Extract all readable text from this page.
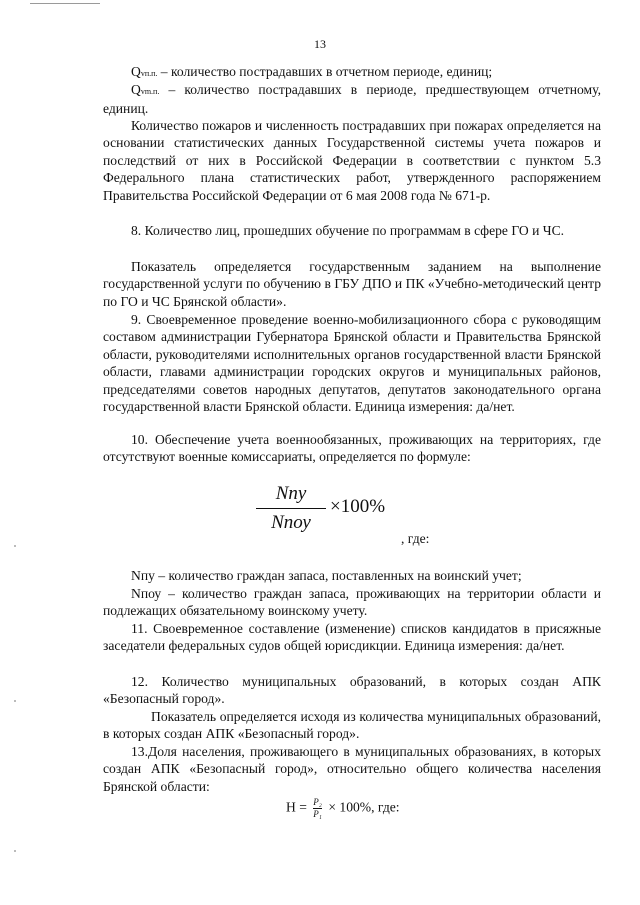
13

Qvп.п. – количество пострадавших в отчетном периоде, единиц;

Qvm.п. – количество пострадавших в периоде, предшествующем отчетному, единиц.

Количество пожаров и численность пострадавших при пожарах определяется на основании статистических данных Государственной системы учета пожаров и последствий от них в Российской Федерации в соответствии с пунктом 5.3 Федерального плана статистических работ, утвержденного распоряжением Правительства Российской Федерации от 6 мая 2008 года № 671-р.

8. Количество лиц, прошедших обучение по программам в сфере ГО и ЧС.

Показатель определяется государственным заданием на выполнение государственной услуги по обучению в ГБУ ДПО и ПК «Учебно-методический центр по ГО и ЧС Брянской области».

9. Своевременное проведение военно-мобилизационного сбора с руководящим составом администрации Губернатора Брянской области и Правительства Брянской области, руководителями исполнительных органов государственной власти Брянской области, главами администрации городских округов и муниципальных районов, председателями советов народных депутатов, депутатов законодательного органа государственной власти Брянской области. Единица измерения: да/нет.

10. Обеспечение учета военнообязанных, проживающих на территориях, где отсутствуют военные комиссариаты, определяется по формуле:

Nпу
Nпоу
×100%
, где:

Nпу – количество граждан запаса, поставленных на воинский учет;

Nпоу – количество граждан запаса, проживающих на территории области и подлежащих обязательному воинскому учету.

11. Своевременное составление (изменение) списков кандидатов в присяжные заседатели федеральных судов общей юрисдикции. Единица измерения: да/нет.

12. Количество муниципальных образований, в которых создан АПК «Безопасный город».

Показатель определяется исходя из количества муниципальных образований, в которых создан АПК «Безопасный город».

13.Доля населения, проживающего в муниципальных образованиях, в которых создан АПК «Безопасный город», относительно общего количества населения Брянской области:

$Н = \frac{\text{P₂}}{\text{P₁}} \times 100\%$, где:
